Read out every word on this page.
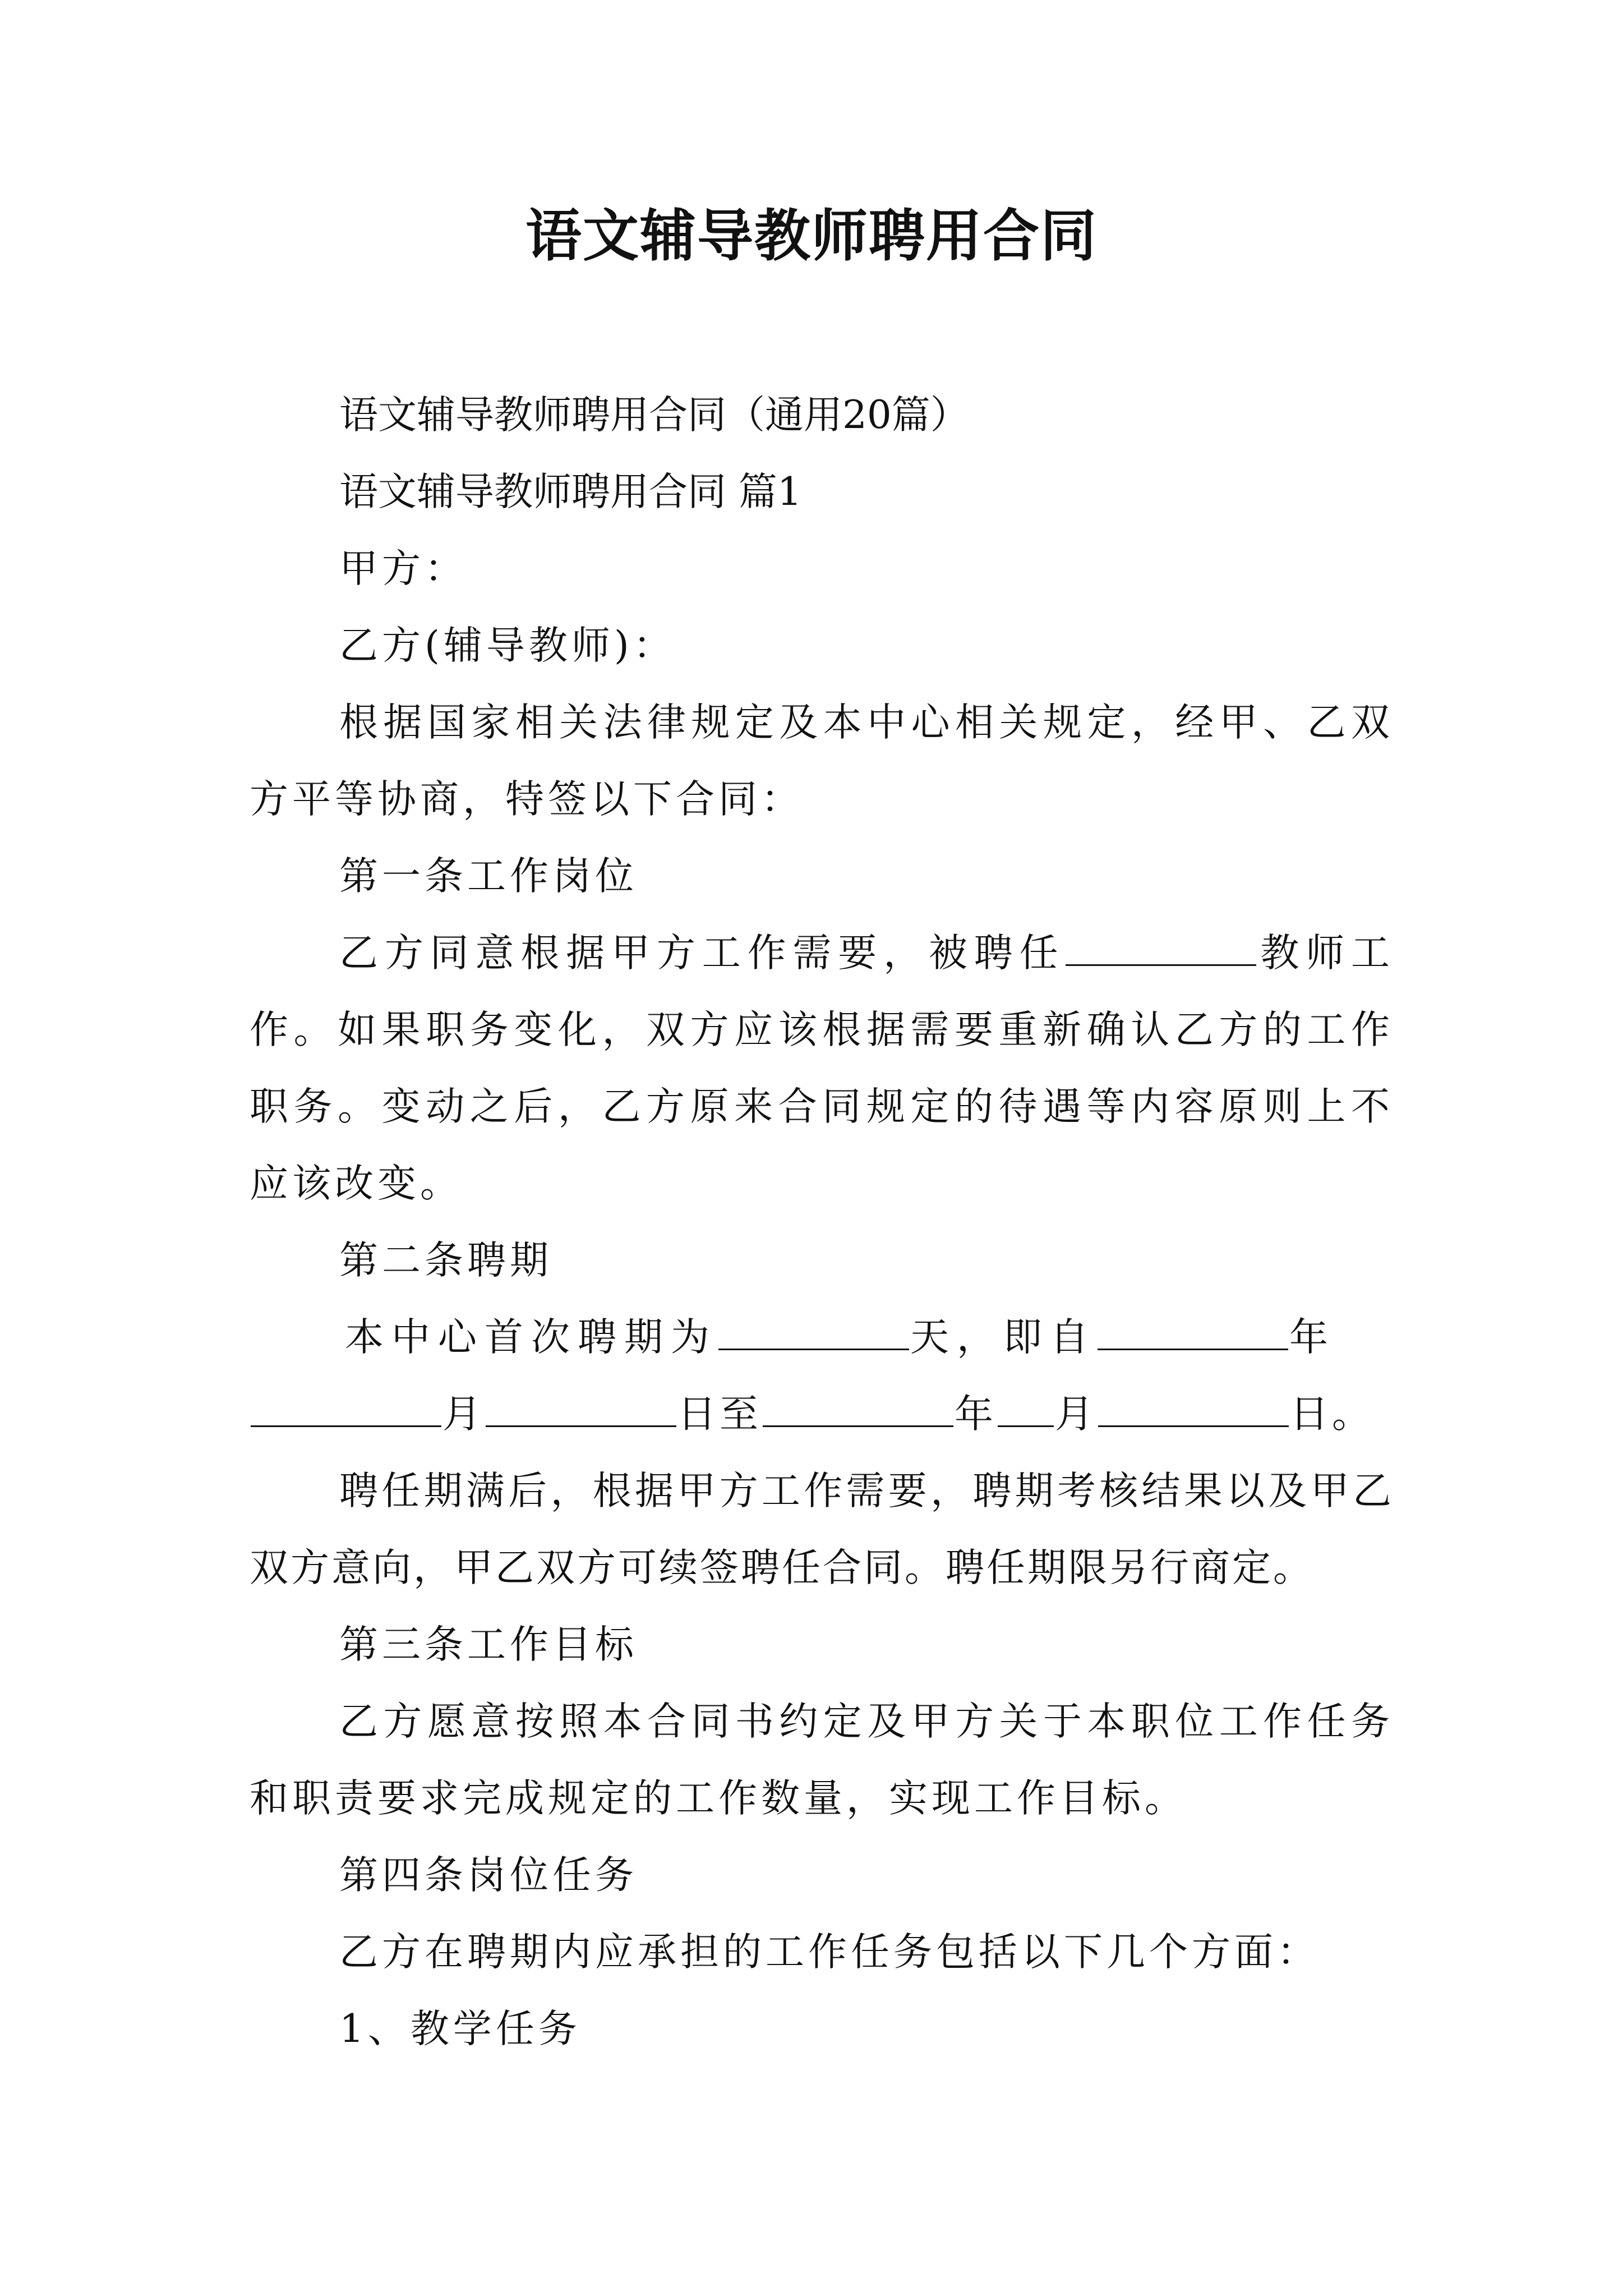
语文辅导教师聘用合同

语文辅导教师聘用合同（通用20篇）

语文辅导教师聘用合同 篇1

甲方：

乙方(辅导教师)：

根据国家相关法律规定及本中心相关规定，经甲、乙双方平等协商，特签以下合同：

第一条工作岗位

乙方同意根据甲方工作需要，被聘任	教师工作。如果职务变化，双方应该根据需要重新确认乙方的工作职务。变动之后，乙方原来合同规定的待遇等内容原则上不应该改变。

第二条聘期

本中心首次聘期为	天，即自	年

月	日至	年 月	日。

聘任期满后，根据甲方工作需要，聘期考核结果以及甲乙双方意向，甲乙双方可续签聘任合同。聘任期限另行商定。

第三条工作目标

乙方愿意按照本合同书约定及甲方关于本职位工作任务和职责要求完成规定的工作数量，实现工作目标。

第四条岗位任务

乙方在聘期内应承担的工作任务包括以下几个方面：

1、教学任务
